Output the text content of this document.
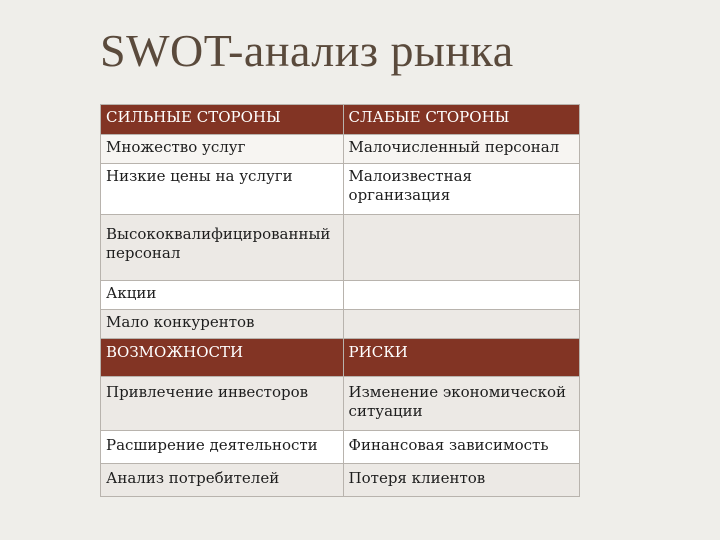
SWOT-анализ рынка
СИЛЬНЫЕ СТОРОНЫ	СЛАБЫЕ СТОРОНЫ
Множество услуг	Малочисленный персонал
Низкие цены на услуги	Малоизвестная организация
Высококвалифицированный персонал	
Акции	
Мало конкурентов	
ВОЗМОЖНОСТИ	РИСКИ
Привлечение инвесторов	Изменение экономической ситуации
Расширение деятельности	Финансовая зависимость
Анализ потребителей	Потеря клиентов
